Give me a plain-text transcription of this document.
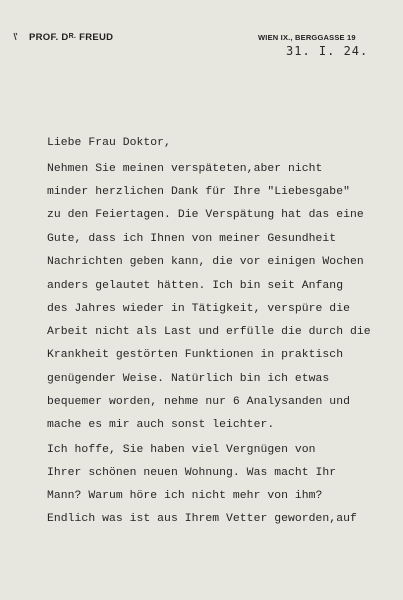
PROF. $D^{R.}$ FREUD	WIEN IX., BERGGASSE 19
31. I. 24.
Liebe Frau Doktor,
Nehmen Sie meinen verspäteten,aber nicht
minder herzlichen Dank für Ihre "Liebesgabe"
zu den Feiertagen. Die Verspätung hat das eine
Gute, dass ich Ihnen von meiner Gesundheit
Nachrichten geben kann, die vor einigen Wochen
anders gelautet hätten. Ich bin seit Anfang
des Jahres wieder in Tätigkeit, verspüre die
Arbeit nicht als Last und erfülle die durch die
Krankheit gestörten Funktionen in praktisch
genügender Weise. Natürlich bin ich etwas
bequemer worden, nehme nur 6 Analysanden und
mache es mir auch sonst leichter.
Ich hoffe, Sie haben viel Vergnügen von
Ihrer schönen neuen Wohnung. Was macht Ihr
Mann? Warum höre ich nicht mehr von ihm?
Endlich was ist aus Ihrem Vetter geworden,auf
